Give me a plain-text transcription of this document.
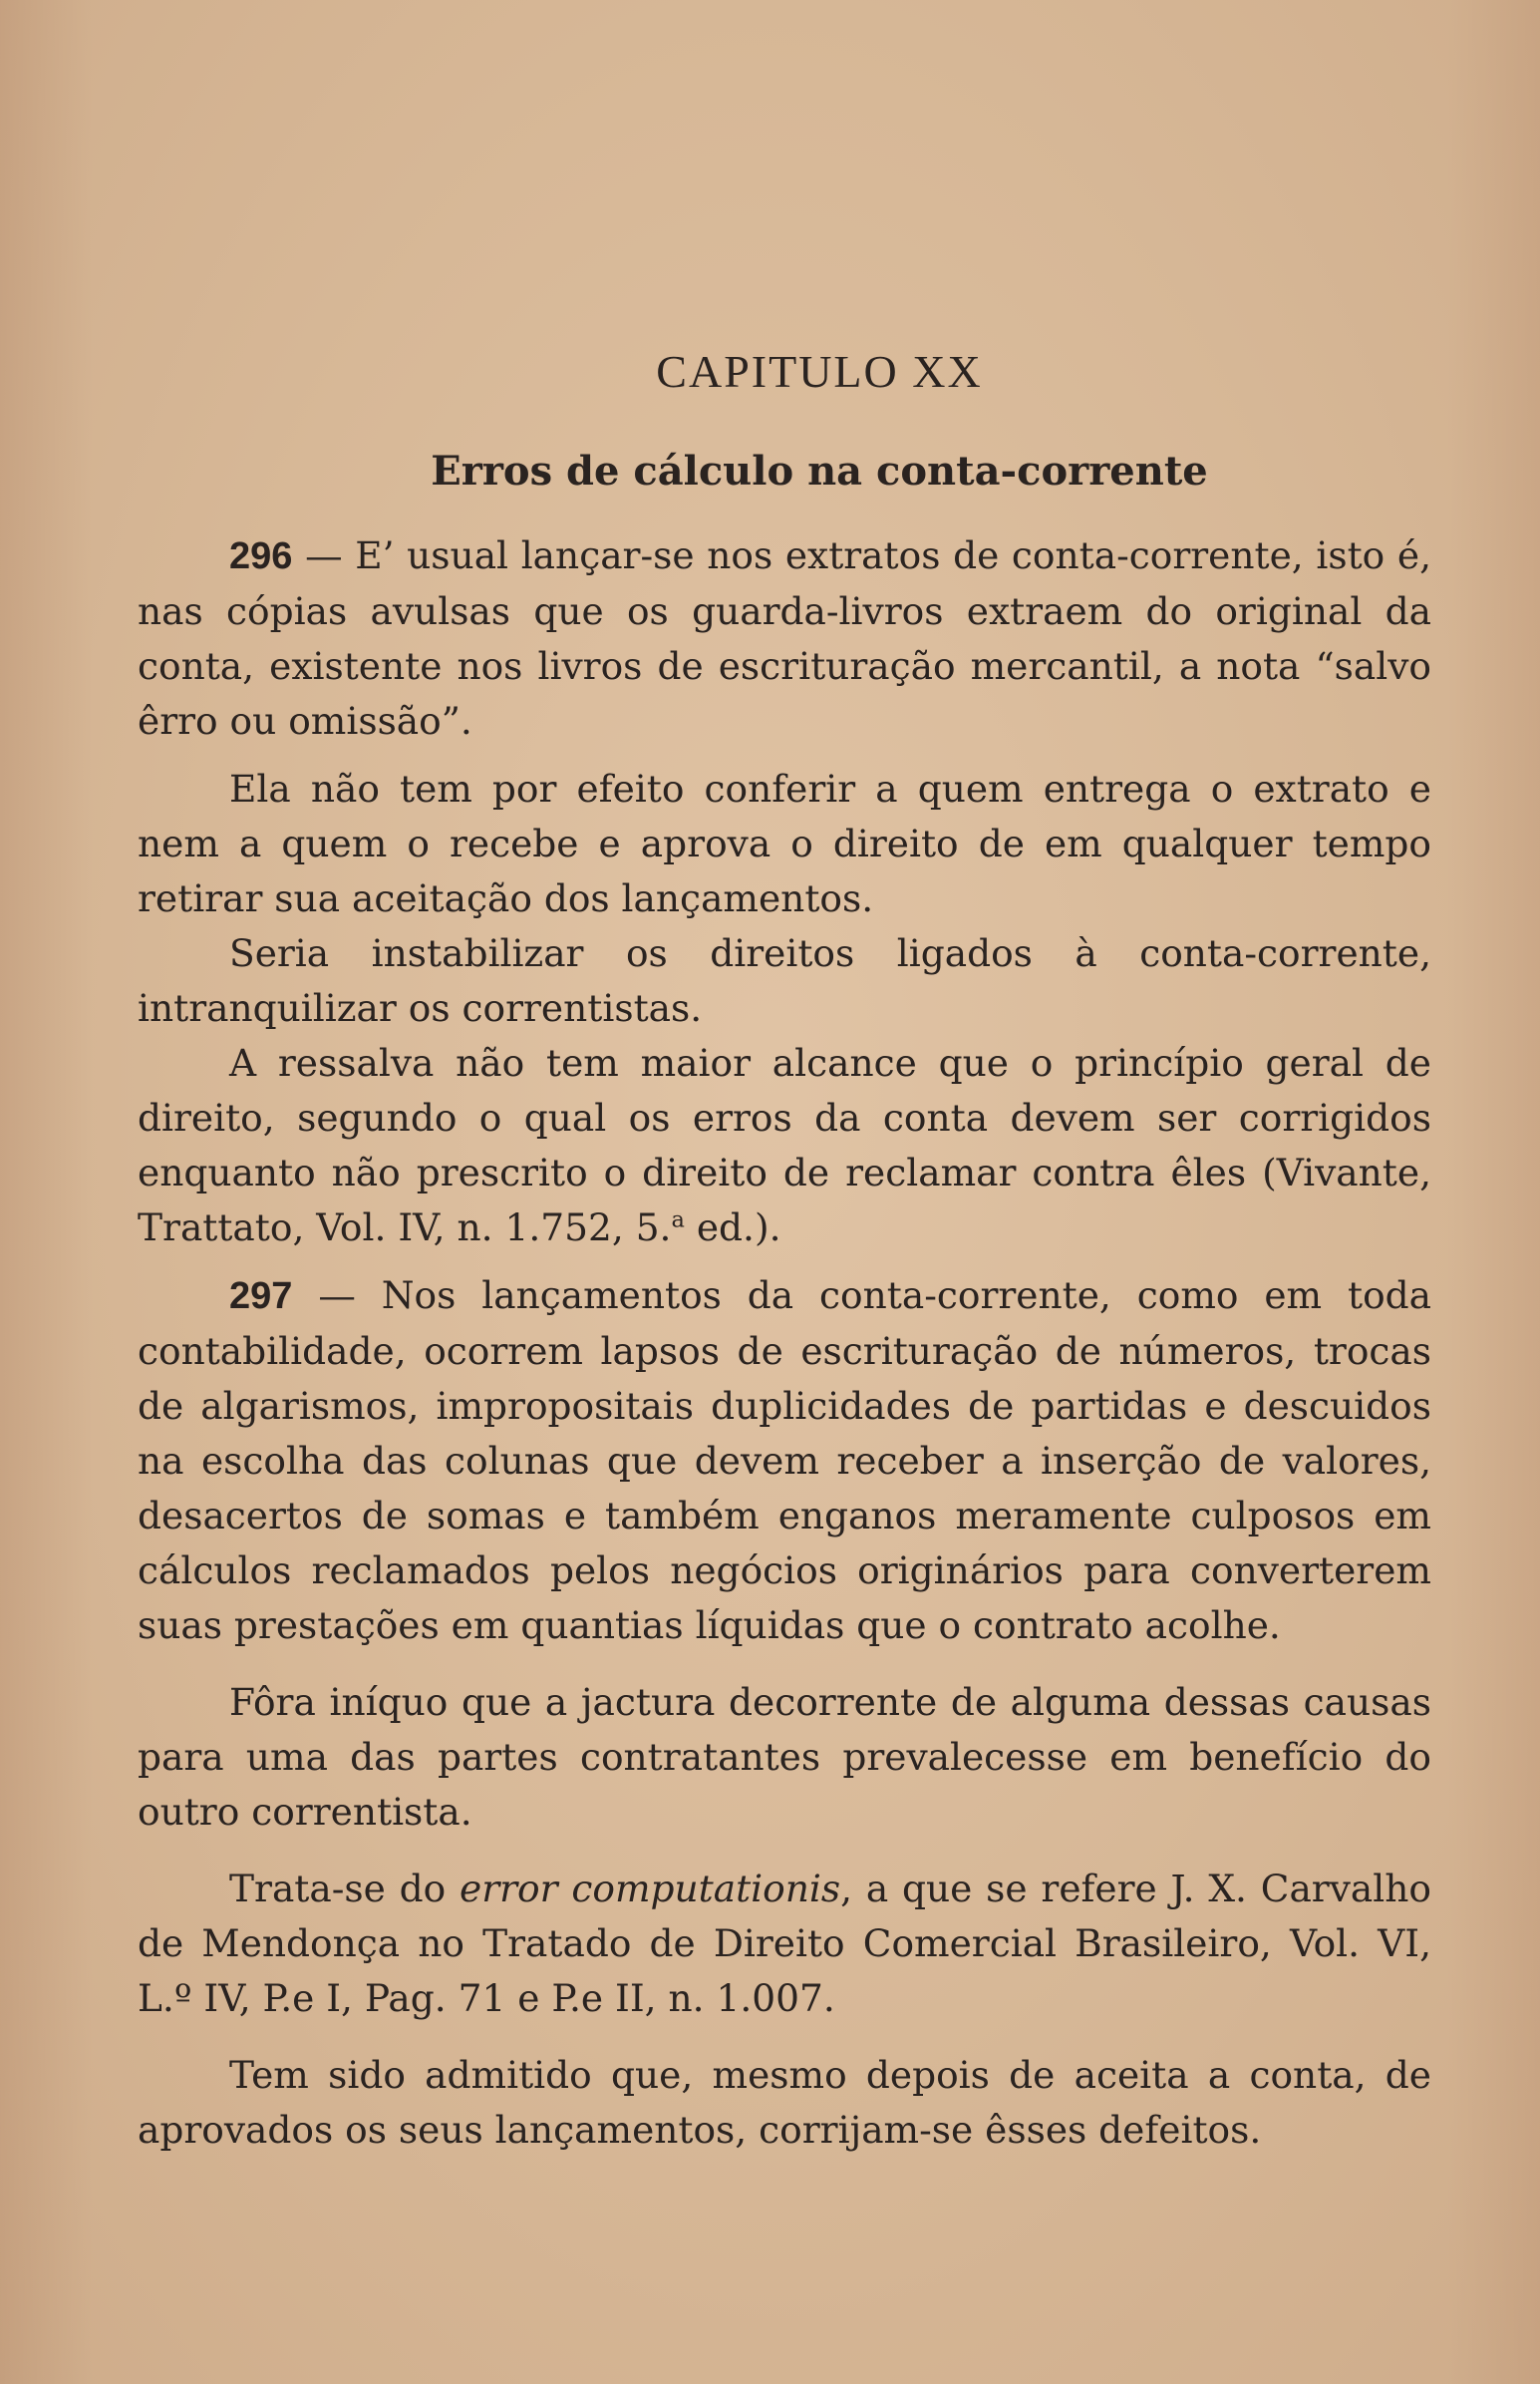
CAPITULO XX
Erros de cálculo na conta-corrente

296 — E’ usual lançar-se nos extratos de conta-corrente, isto é, nas cópias avulsas que os guarda-livros extraem do original da conta, existente nos livros de escrituração mercantil, a nota “salvo êrro ou omissão”.

Ela não tem por efeito conferir a quem entrega o extrato e nem a quem o recebe e aprova o direito de em qualquer tempo retirar sua aceitação dos lançamentos.

Seria instabilizar os direitos ligados à conta-corrente, intranquilizar os correntistas.

A ressalva não tem maior alcance que o princípio geral de direito, segundo o qual os erros da conta devem ser corrigidos enquanto não prescrito o direito de reclamar contra êles (Vivante, Trattato, Vol. IV, n. 1.752, 5.$^a$ ed.).

297 — Nos lançamentos da conta-corrente, como em toda contabilidade, ocorrem lapsos de escrituração de números, trocas de algarismos, impropositais duplicidades de partidas e descuidos na escolha das colunas que devem receber a inserção de valores, desacertos de somas e também enganos meramente culposos em cálculos reclamados pelos negócios originários para converterem suas prestações em quantias líquidas que o contrato acolhe.

Fôra iníquo que a jactura decorrente de alguma dessas causas para uma das partes contratantes prevalecesse em benefício do outro correntista.

Trata-se do error computationis, a que se refere J. X. Carvalho de Mendonça no Tratado de Direito Comercial Brasileiro, Vol. VI, L.º IV, P.e I, Pag. 71 e P.e II, n. 1.007.

Tem sido admitido que, mesmo depois de aceita a conta, de aprovados os seus lançamentos, corrijam-se êsses defeitos.
